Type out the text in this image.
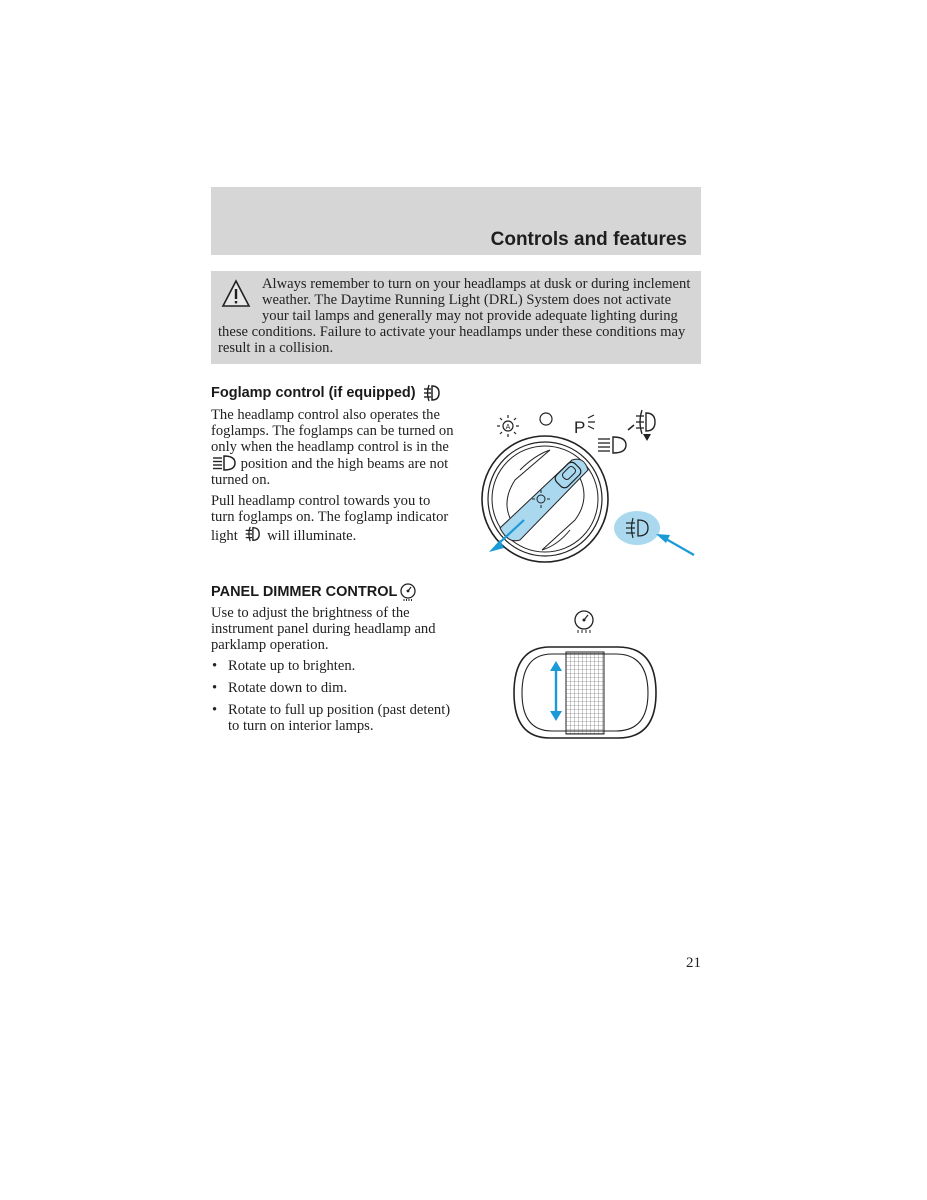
Controls and features
Always remember to turn on your headlamps at dusk or during inclement weather. The Daytime Running Light (DRL) System does not activate your tail lamps and generally may not provide adequate lighting during these conditions. Failure to activate your headlamps under these conditions may result in a collision.
Foglamp control (if equipped)

The headlamp control also operates the foglamps. The foglamps can be turned on only when the headlamp control is in the  position and the high beams are not turned on.

Pull headlamp control towards you to turn foglamps on. The foglamp indicator light will illuminate.

A	P
PANEL DIMMER CONTROL

Use to adjust the brightness of the instrument panel during headlamp and parklamp operation.

• Rotate up to brighten.
• Rotate down to dim.
• Rotate to full up position (past detent) to turn on interior lamps.
21
